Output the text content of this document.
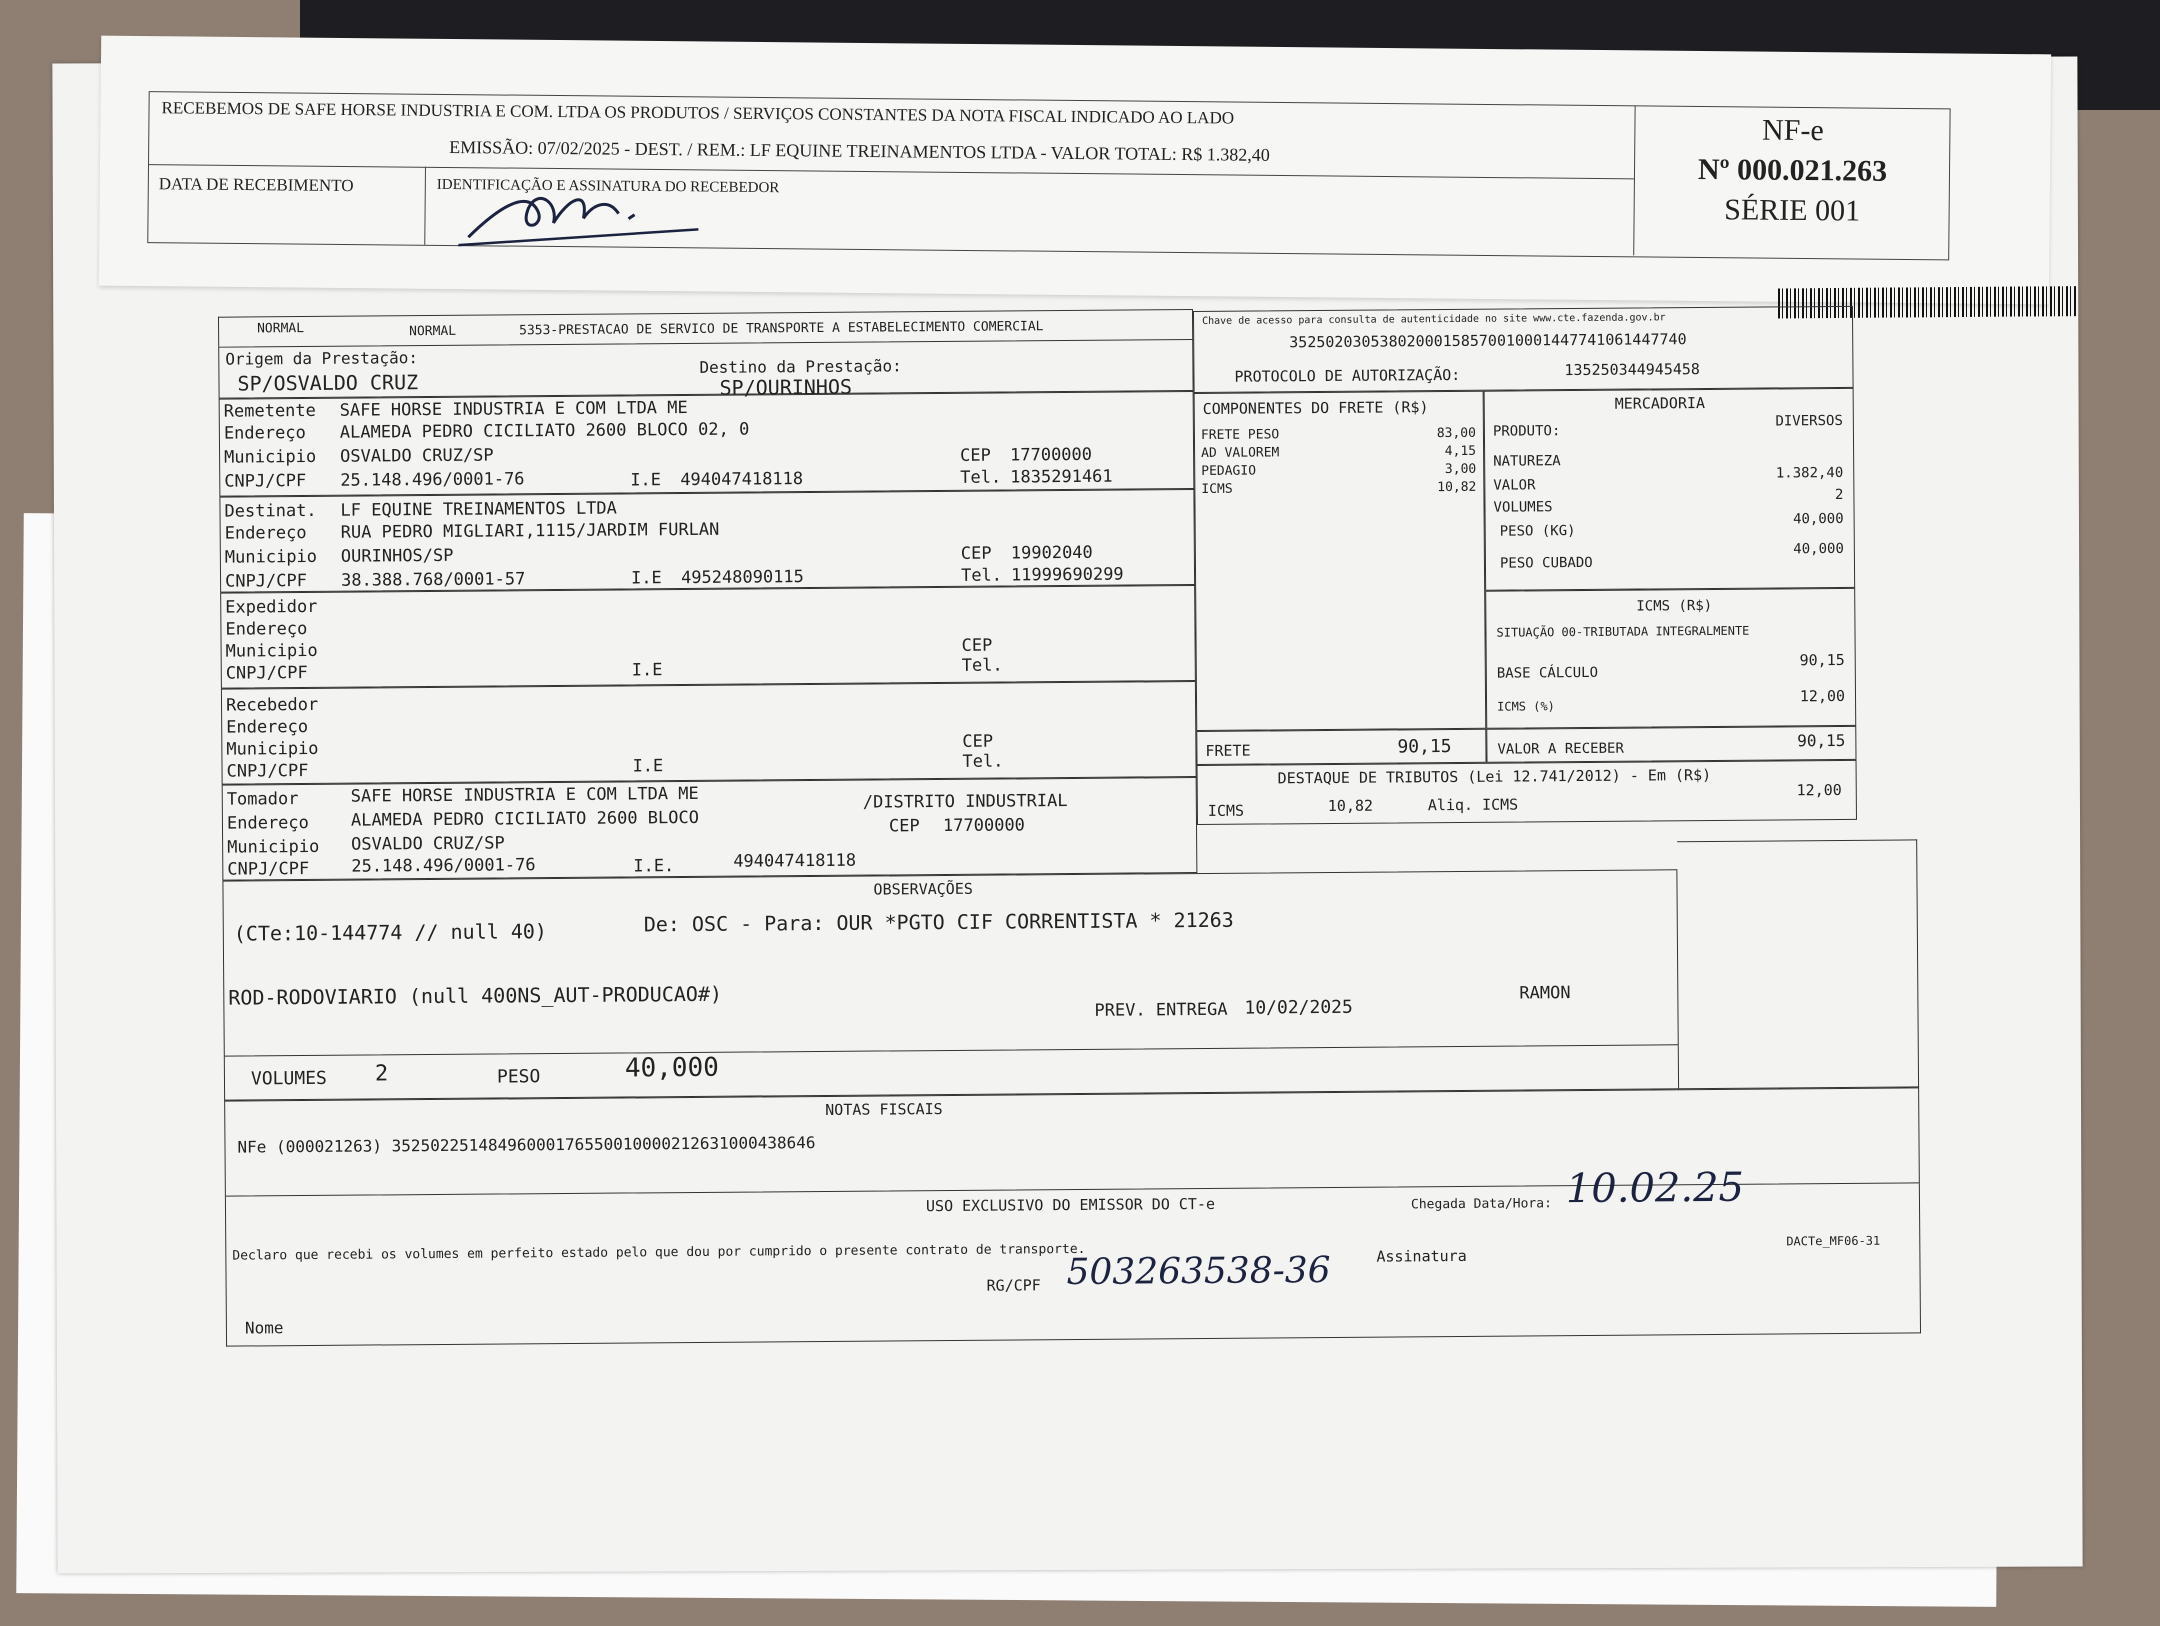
RECEBEMOS DE SAFE HORSE INDUSTRIA E COM. LTDA OS PRODUTOS / SERVIÇOS CONSTANTES DA NOTA FISCAL INDICADO AO LADO
EMISSÃO: 07/02/2025 - DEST. / REM.: LF EQUINE TREINAMENTOS LTDA - VALOR TOTAL: R$ 1.382,40
DATA DE RECEBIMENTO	IDENTIFICAÇÃO E ASSINATURA DO RECEBEDOR
NF-e
Nº 000.021.263
SÉRIE 001
NORMAL	NORMAL	5353-PRESTACAO DE SERVICO DE TRANSPORTE A ESTABELECIMENTO COMERCIAL
Origem da Prestação:
SP/OSVALDO CRUZ
Destino da Prestação:
SP/OURINHOS
Chave de acesso para consulta de autenticidade no site www.cte.fazenda.gov.br
35250203053802000158570010001447741061447740
PROTOCOLO DE AUTORIZAÇÃO:	135250344945458
Remetente SAFE HORSE INDUSTRIA E COM LTDA ME
Endereço ALAMEDA PEDRO CICILIATO 2600 BLOCO 02, 0
Municipio OSVALDO CRUZ/SP	CEP 17700000
CNPJ/CPF 25.148.496/0001-76	I.E 494047418118	Tel. 1835291461
Destinat. LF EQUINE TREINAMENTOS LTDA
Endereço RUA PEDRO MIGLIARI,1115/JARDIM FURLAN
Municipio OURINHOS/SP	CEP 19902040
CNPJ/CPF 38.388.768/0001-57	I.E 495248090115	Tel. 11999690299
Expedidor
Endereço
Municipio
CNPJ/CPF	I.E
CEP
Tel.
Recebedor
Endereço
Municipio
CNPJ/CPF	I.E
CEP
Tel.
Tomador	SAFE HORSE INDUSTRIA E COM LTDA ME
Endereço ALAMEDA PEDRO CICILIATO 2600 BLOCO
/DISTRITO INDUSTRIAL
Municipio OSVALDO CRUZ/SP
CEP 17700000
CNPJ/CPF 25.148.496/0001-76	I.E.	494047418118
COMPONENTES DO FRETE (R$)
FRETE PESO	83,00
AD VALOREM	4,15
PEDAGIO	3,00
ICMS	10,82
FRETE	90,15
MERCADORIA
PRODUTO:
DIVERSOS
NATUREZA
VALOR
1.382,40
VOLUMES
2
PESO (KG)
40,000
PESO CUBADO
40,000
ICMS (R$)
SITUAÇÃO 00-TRIBUTADA INTEGRALMENTE
BASE CÁLCULO
90,15
ICMS (%)
12,00
VALOR A RECEBER	90,15
DESTAQUE DE TRIBUTOS (Lei 12.741/2012) - Em (R$)
ICMS	10,82	Aliq. ICMS
12,00
OBSERVAÇÕES
(CTe:10-144774 // null 40)	De: OSC - Para: OUR *PGTO CIF CORRENTISTA * 21263
ROD-RODOVIARIO (null 400NS_AUT-PRODUCAO#)
PREV. ENTREGA 10/02/2025
RAMON
VOLUMES 2	PESO	40,000
NOTAS FISCAIS
NFe (000021263) 35250225148496000176550010000212631000438646
USO EXCLUSIVO DO EMISSOR DO CT-e	Chegada Data/Hora: 10.02.25
Declaro que recebi os volumes em perfeito estado pelo que dou por cumprido o presente contrato de transporte.
RG/CPF 503263538-36	Assinatura
DACTe_MF06-31
Nome
